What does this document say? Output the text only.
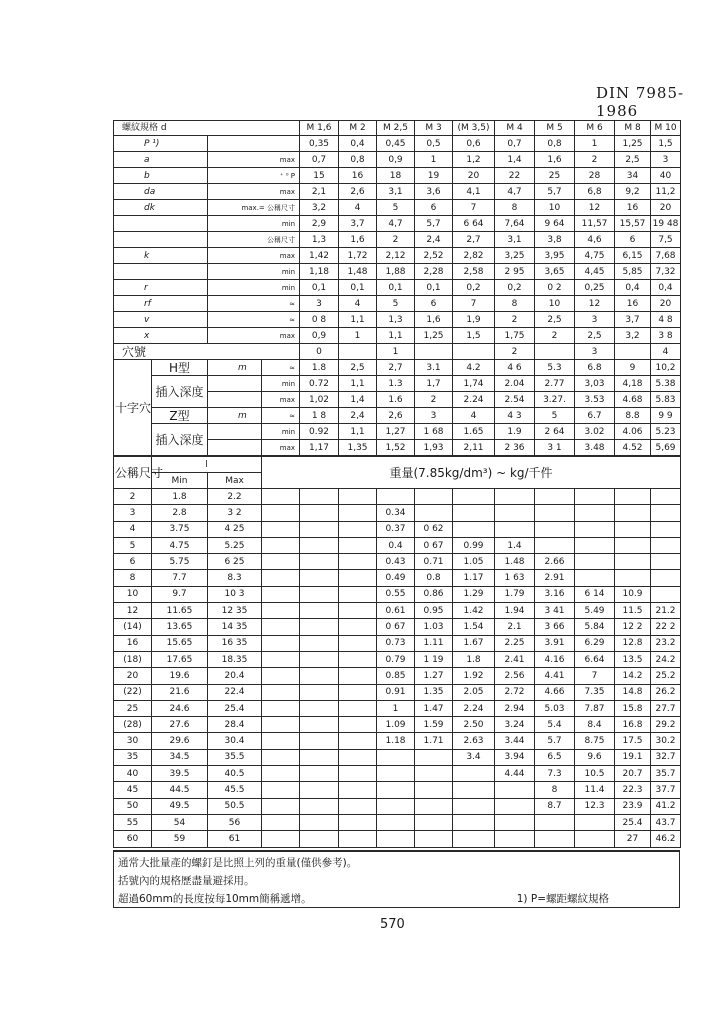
DIN 7985-1986
螺紋規格 d				M 1,6	M 2	M 2,5	M 3	(M 3,5)	M 4	M 5	M 6	M 8	M 10
P ¹)				0,35	0,4	0,45	0,5	0,6	0,7	0,8	1	1,25	1,5
a		max		0,7	0,8	0,9	1	1,2	1,4	1,6	2	2,5	3
b		⁺ ⁰ P		15	16	18	19	20	22	25	28	34	40
da		max		2,1	2,6	3,1	3,6	4,1	4,7	5,7	6,8	9,2	11,2
dk		max.= 公稱尺寸		3,2	4	5	6	7	8	10	12	16	20
		min		2,9	3,7	4,7	5,7	6 64	7,64	9 64	11,57	15,57	19 48
		公稱尺寸		1,3	1,6	2	2,4	2,7	3,1	3,8	4,6	6	7,5
k		max		1,42	1,72	2,12	2,52	2,82	3,25	3,95	4,75	6,15	7,68
		min		1,18	1,48	1,88	2,28	2,58	2 95	3,65	4,45	5,85	7,32
r		min		0,1	0,1	0,1	0,1	0,2	0,2	0 2	0,25	0,4	0,4
rf		≈		3	4	5	6	7	8	10	12	16	20
v		≈		0 8	1,1	1,3	1,6	1,9	2	2,5	3	3,7	4 8
x		max		0,9	1	1,1	1,25	1,5	1,75	2	2,5	3,2	3 8
穴號				0		1			2		3		4
十字穴	H型	m	≈	1.8	2,5	2,7	3.1	4.2	4 6	5.3	6.8	9	10,2
	插入深度		min	0.72	1,1	1.3	1,7	1,74	2.04	2.77	3,03	4,18	5.38
			max	1,02	1,4	1.6	2	2.24	2.54	3.27.	3.53	4.68	5.83
	Z型	m	≈	1 8	2,4	2,6	3	4	4 3	5	6.7	8.8	9 9
	插入深度		min	0.92	1,1	1,27	1 68	1.65	1.9	2 64	3.02	4.06	5.23
			max	1,17	1,35	1,52	1,93	2,11	2 36	3 1	3.48	4.52	5,69
公稱尺寸	l		重量(7.85kg/dm³) ~ kg/千件										
	Min	Max											
2	1.8	2.2											
3	2.8	3 2				0.34							
4	3.75	4 25				0.37	0 62						
5	4.75	5.25				0.4	0 67	0.99	1.4				
6	5.75	6 25				0.43	0.71	1.05	1.48	2.66			
8	7.7	8.3				0.49	0.8	1.17	1 63	2.91			
10	9.7	10 3				0.55	0.86	1.29	1.79	3.16	6 14	10.9	
12	11.65	12 35				0.61	0.95	1.42	1.94	3 41	5.49	11.5	21.2
(14)	13.65	14 35				0 67	1.03	1.54	2.1	3 66	5.84	12 2	22 2
16	15.65	16 35				0.73	1.11	1.67	2.25	3.91	6.29	12.8	23.2
(18)	17.65	18.35				0.79	1 19	1.8	2.41	4.16	6.64	13.5	24.2
20	19.6	20.4				0.85	1.27	1.92	2.56	4.41	7	14.2	25.2
(22)	21.6	22.4				0.91	1.35	2.05	2.72	4.66	7.35	14.8	26.2
25	24.6	25.4				1	1.47	2.24	2.94	5.03	7.87	15.8	27.7
(28)	27.6	28.4				1.09	1.59	2.50	3.24	5.4	8.4	16.8	29.2
30	29.6	30.4				1.18	1.71	2.63	3.44	5.7	8.75	17.5	30.2
35	34.5	35.5						3.4	3.94	6.5	9.6	19.1	32.7
40	39.5	40.5							4.44	7.3	10.5	20.7	35.7
45	44.5	45.5								8	11.4	22.3	37.7
50	49.5	50.5								8.7	12.3	23.9	41.2
55	54	56										25.4	43.7
60	59	61										27	46.2
通常大批量產的螺釘是比照上列的重量(僅供參考)。
括號內的規格歷盡量避採用。
超過60mm的長度按每10mm簡稱遞增。	1) P=螺距螺紋規格
570
